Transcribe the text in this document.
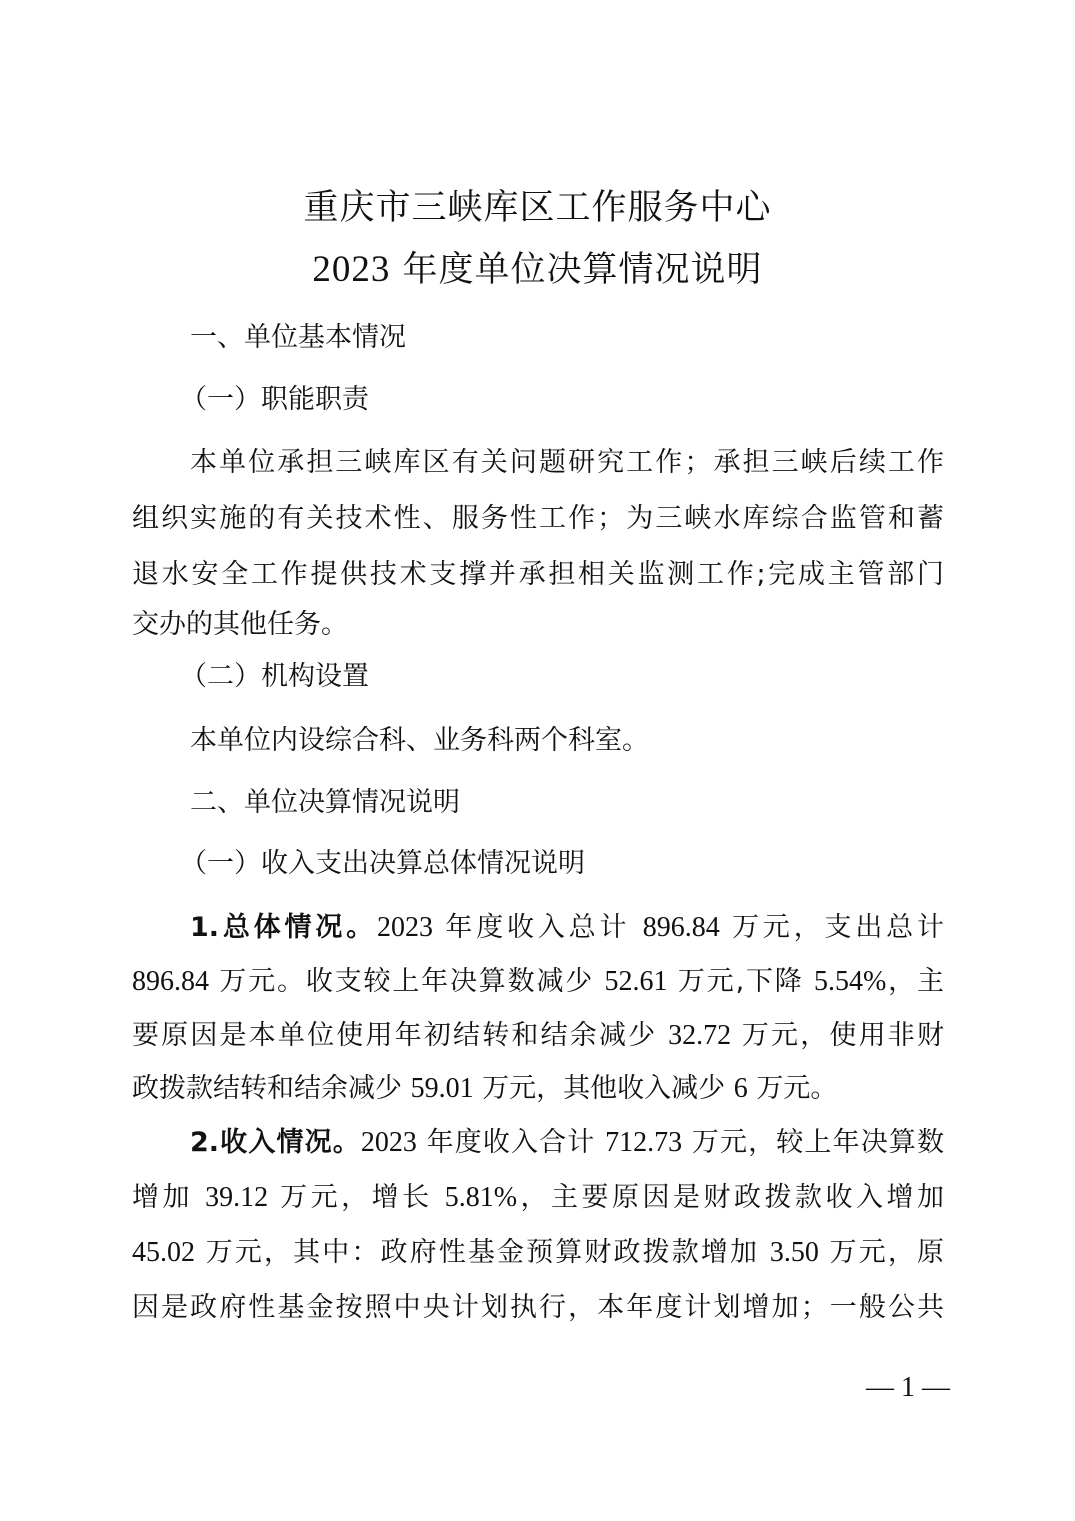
重庆市三峡库区工作服务中心
2023 年度单位决算情况说明
一、单位基本情况
（一）职能职责
本单位承担三峡库区有关问题研究工作；承担三峡后续工作
组织实施的有关技术性、服务性工作；为三峡水库综合监管和蓄
退水安全工作提供技术支撑并承担相关监测工作;完成主管部门
交办的其他任务。
（二）机构设置
本单位内设综合科、业务科两个科室。
二、单位决算情况说明
（一）收入支出决算总体情况说明
1.总体情况。2023 年度收入总计 896.84 万元，支出总计
896.84 万元。收支较上年决算数减少 52.61 万元,下降 5.54%，主
要原因是本单位使用年初结转和结余减少 32.72 万元，使用非财
政拨款结转和结余减少 59.01 万元，其他收入减少 6 万元。
2.收入情况。2023 年度收入合计 712.73 万元，较上年决算数
增加 39.12 万元，增长 5.81%，主要原因是财政拨款收入增加
45.02 万元，其中：政府性基金预算财政拨款增加 3.50 万元，原
因是政府性基金按照中央计划执行，本年度计划增加；一般公共
— 1 —
